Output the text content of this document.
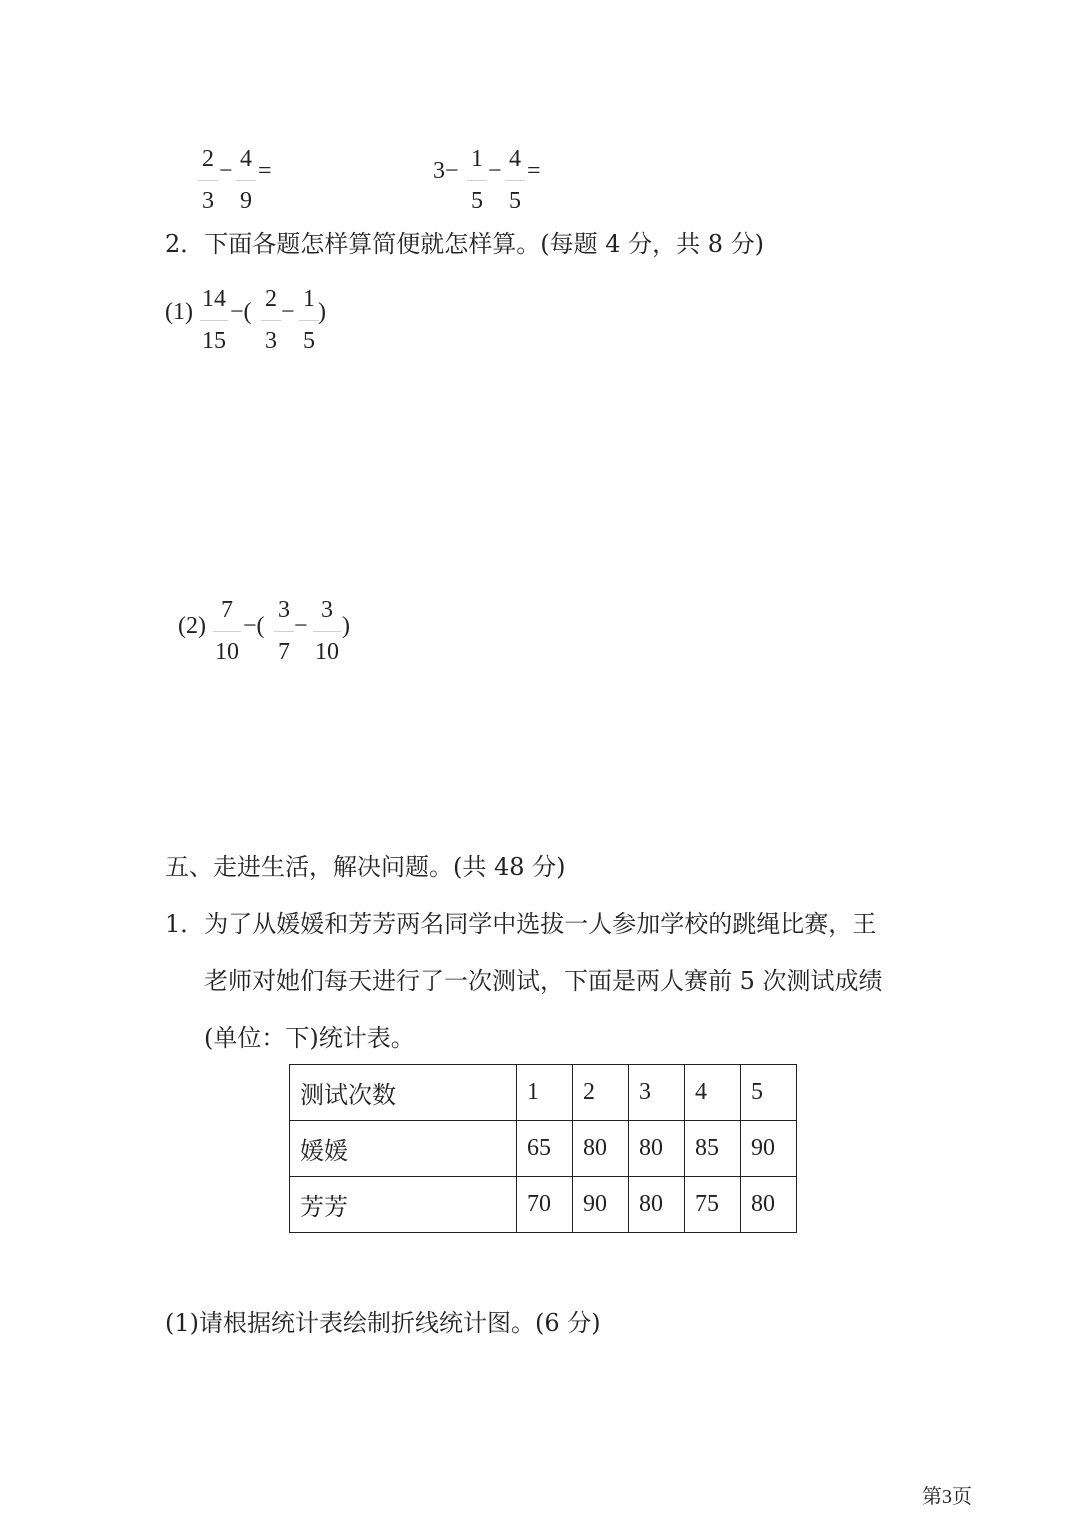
2
3
− 4
9
=	3− 1
5
− 4
5
=
2．下面各题怎样算简便就怎样算。(每题 4 分，共 8 分)
(1) 14
15
−( 2
3
− 1
5
)
(2)
7
10
−(
3
7
−
3
10
)
五、走进生活，解决问题。(共 48 分)
1．为了从媛媛和芳芳两名同学中选拔一人参加学校的跳绳比赛，王
老师对她们每天进行了一次测试，下面是两人赛前 5 次测试成绩
(单位：下)统计表。
测试次数	1	2	3	4	5
媛媛	65	80	80	85	90
芳芳	70	90	80	75	80
(1)请根据统计表绘制折线统计图。(6 分)
第3页
